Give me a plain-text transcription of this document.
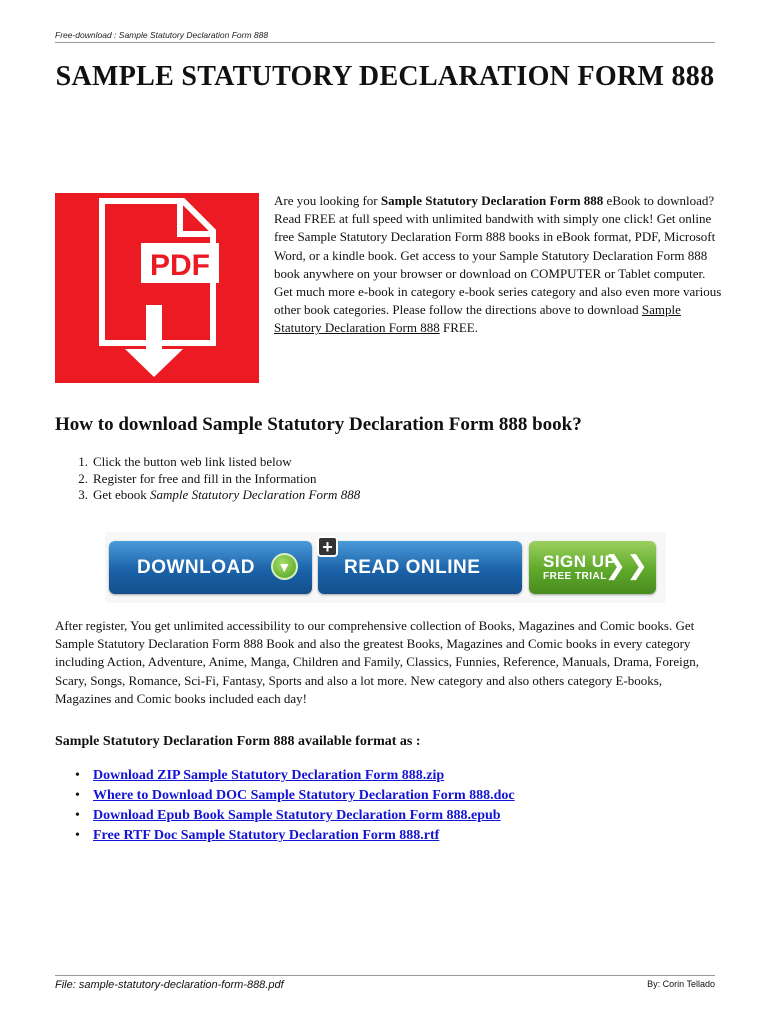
Free-download : Sample Statutory Declaration Form 888
SAMPLE STATUTORY DECLARATION FORM 888
PDF

Are you looking for Sample Statutory Declaration Form 888 eBook to download? Read FREE at full speed with unlimited bandwith with simply one click! Get online free Sample Statutory Declaration Form 888 books in eBook format, PDF, Microsoft Word, or a kindle book. Get access to your Sample Statutory Declaration Form 888 book anywhere on your browser or download on COMPUTER or Tablet computer. Get much more e-book in category e-book series category and also even more various other book categories. Please follow the directions above to download Sample Statutory Declaration Form 888 FREE.

How to download Sample Statutory Declaration Form 888 book?
1. Click the button web link listed below
2. Register for free and fill in the Information
3. Get ebook
Sample Statutory Declaration Form 888
DOWNLOAD	▼
+
READ ONLINE	SIGN UP
FREE TRIAL
❯❯

After register, You get unlimited accessibility to our comprehensive collection of Books, Magazines and Comic books. Get Sample Statutory Declaration Form 888 Book and also the greatest Books, Magazines and Comic books in every category including Action, Adventure, Anime, Manga, Children and Family, Classics, Funnies, Reference, Manuals, Drama, Foreign, Scary, Songs, Romance, Sci-Fi, Fantasy, Sports and also a lot more. New category and also others category E-books, Magazines and Comic books included each day!

Sample Statutory Declaration Form 888 available format as :
• Download ZIP Sample Statutory Declaration Form 888.zip
• Where to Download DOC Sample Statutory Declaration Form 888.doc
• Download Epub Book Sample Statutory Declaration Form 888.epub
• Free RTF Doc Sample Statutory Declaration Form 888.rtf
File: sample-statutory-declaration-form-888.pdf	By: Corin Tellado
